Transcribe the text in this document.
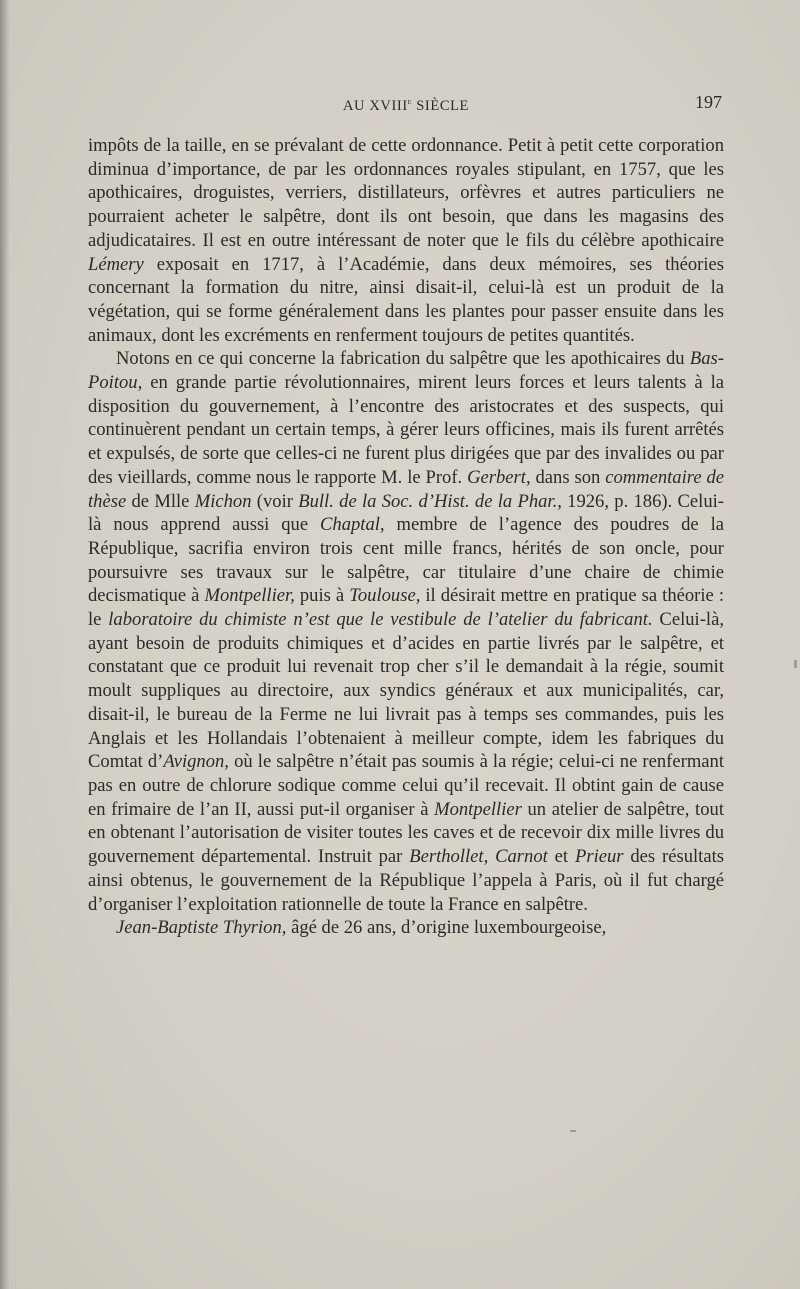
AU XVIIIe SIÈCLE	197

impôts de la taille, en se prévalant de cette ordonnance. Petit à petit cette corporation diminua d’importance, de par les ordonnances royales stipulant, en 1757, que les apothicaires, droguistes, verriers, distillateurs, orfèvres et autres particuliers ne pourraient acheter le salpêtre, dont ils ont besoin, que dans les magasins des adjudicataires. Il est en outre intéressant de noter que le fils du célèbre apothicaire Lémery exposait en 1717, à l’Académie, dans deux mémoires, ses théories concernant la formation du nitre, ainsi disait-il, celui-là est un produit de la végétation, qui se forme généralement dans les plantes pour passer ensuite dans les animaux, dont les excréments en renferment toujours de petites quantités.

Notons en ce qui concerne la fabrication du salpêtre que les apothicaires du Bas-Poitou, en grande partie révolutionnaires, mirent leurs forces et leurs talents à la disposition du gouvernement, à l’encontre des aristocrates et des suspects, qui continuèrent pendant un certain temps, à gérer leurs officines, mais ils furent arrêtés et expulsés, de sorte que celles-ci ne furent plus dirigées que par des invalides ou par des vieillards, comme nous le rapporte M. le Prof. Gerbert, dans son commentaire de thèse de Mlle Michon (voir Bull. de la Soc. d’Hist. de la Phar., 1926, p. 186). Celui-là nous apprend aussi que Chaptal, membre de l’agence des poudres de la République, sacrifia environ trois cent mille francs, hérités de son oncle, pour poursuivre ses travaux sur le salpêtre, car titulaire d’une chaire de chimie decismatique à Montpellier, puis à Toulouse, il désirait mettre en pratique sa théorie : le laboratoire du chimiste n’est que le vestibule de l’atelier du fabricant. Celui-là, ayant besoin de produits chimiques et d’acides en partie livrés par le salpêtre, et constatant que ce produit lui revenait trop cher s’il le demandait à la régie, soumit moult suppliques au directoire, aux syndics généraux et aux municipalités, car, disait-il, le bureau de la Ferme ne lui livrait pas à temps ses commandes, puis les Anglais et les Hollandais l’obtenaient à meilleur compte, idem les fabriques du Comtat d’Avignon, où le salpêtre n’était pas soumis à la régie; celui-ci ne renfermant pas en outre de chlorure sodique comme celui qu’il recevait. Il obtint gain de cause en frimaire de l’an II, aussi put-il organiser à Montpellier un atelier de salpêtre, tout en obtenant l’autorisation de visiter toutes les caves et de recevoir dix mille livres du gouvernement départemental. Instruit par Berthollet, Carnot et Prieur des résultats ainsi obtenus, le gouvernement de la République l’appela à Paris, où il fut chargé d’organiser l’exploitation rationnelle de toute la France en salpêtre.

Jean-Baptiste Thyrion, âgé de 26 ans, d’origine luxembourgeoise,
